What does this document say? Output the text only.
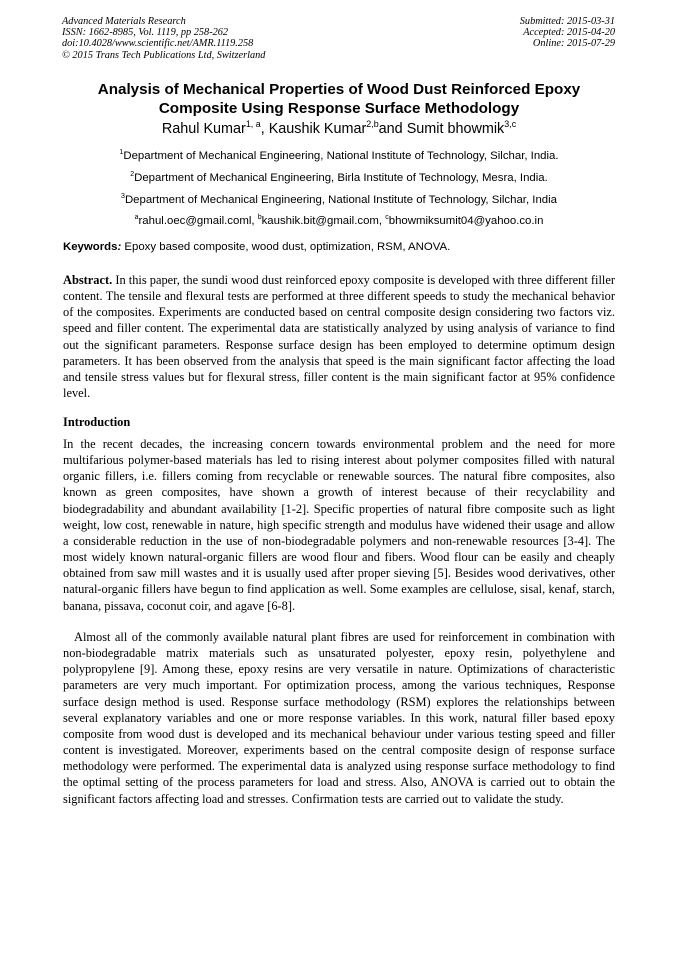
Advanced Materials Research
ISSN: 1662-8985, Vol. 1119, pp 258-262
doi:10.4028/www.scientific.net/AMR.1119.258
© 2015 Trans Tech Publications Ltd, Switzerland
Submitted: 2015-03-31
Accepted: 2015-04-20
Online: 2015-07-29
Analysis of Mechanical Properties of Wood Dust Reinforced Epoxy
Composite Using Response Surface Methodology
Rahul Kumar$^{1, a}$, Kaushik Kumar$^{2,b}$and Sumit bhowmik$^{3,c}$
$^1$Department of Mechanical Engineering, National Institute of Technology, Silchar, India.
$^2$Department of Mechanical Engineering, Birla Institute of Technology, Mesra, India.
$^3$Department of Mechanical Engineering, National Institute of Technology, Silchar, India
$^a$rahul.oec@gmail.coml, $^b$kaushik.bit@gmail.com, $^c$bhowmiksumit04@yahoo.co.in
Keywords: Epoxy based composite, wood dust, optimization, RSM, ANOVA.
Abstract. In this paper, the sundi wood dust reinforced epoxy composite is developed with three different filler content. The tensile and flexural tests are performed at three different speeds to study the mechanical behavior of the composites. Experiments are conducted based on central composite design considering two factors viz. speed and filler content. The experimental data are statistically analyzed by using analysis of variance to find out the significant parameters. Response surface design has been employed to determine optimum design parameters. It has been observed from the analysis that speed is the main significant factor affecting the load and tensile stress values but for flexural stress, filler content is the main significant factor at 95% confidence level.
Introduction
In the recent decades, the increasing concern towards environmental problem and the need for more multifarious polymer-based materials has led to rising interest about polymer composites filled with natural organic fillers, i.e. fillers coming from recyclable or renewable sources. The natural fibre composites, also known as green composites, have shown a growth of interest because of their recyclability and biodegradability and abundant availability [1-2]. Specific properties of natural fibre composite such as light weight, low cost, renewable in nature, high specific strength and modulus have widened their usage and allow a considerable reduction in the use of non-biodegradable polymers and non-renewable resources [3-4]. The most widely known natural-organic fillers are wood flour and fibers. Wood flour can be easily and cheaply obtained from saw mill wastes and it is usually used after proper sieving [5]. Besides wood derivatives, other natural-organic fillers have begun to find application as well. Some examples are cellulose, sisal, kenaf, starch, banana, pissava, coconut coir, and agave [6-8].
Almost all of the commonly available natural plant fibres are used for reinforcement in combination with non-biodegradable matrix materials such as unsaturated polyester, epoxy resin, polyethylene and polypropylene [9]. Among these, epoxy resins are very versatile in nature. Optimizations of characteristic parameters are very much important. For optimization process, among the various techniques, Response surface design method is used. Response surface methodology (RSM) explores the relationships between several explanatory variables and one or more response variables. In this work, natural filler based epoxy composite from wood dust is developed and its mechanical behaviour under various testing speed and filler content is investigated. Moreover, experiments based on the central composite design of response surface methodology were performed. The experimental data is analyzed using response surface methodology to find the optimal setting of the process parameters for load and stress. Also, ANOVA is carried out to obtain the significant factors affecting load and stresses. Confirmation tests are carried out to validate the study.
